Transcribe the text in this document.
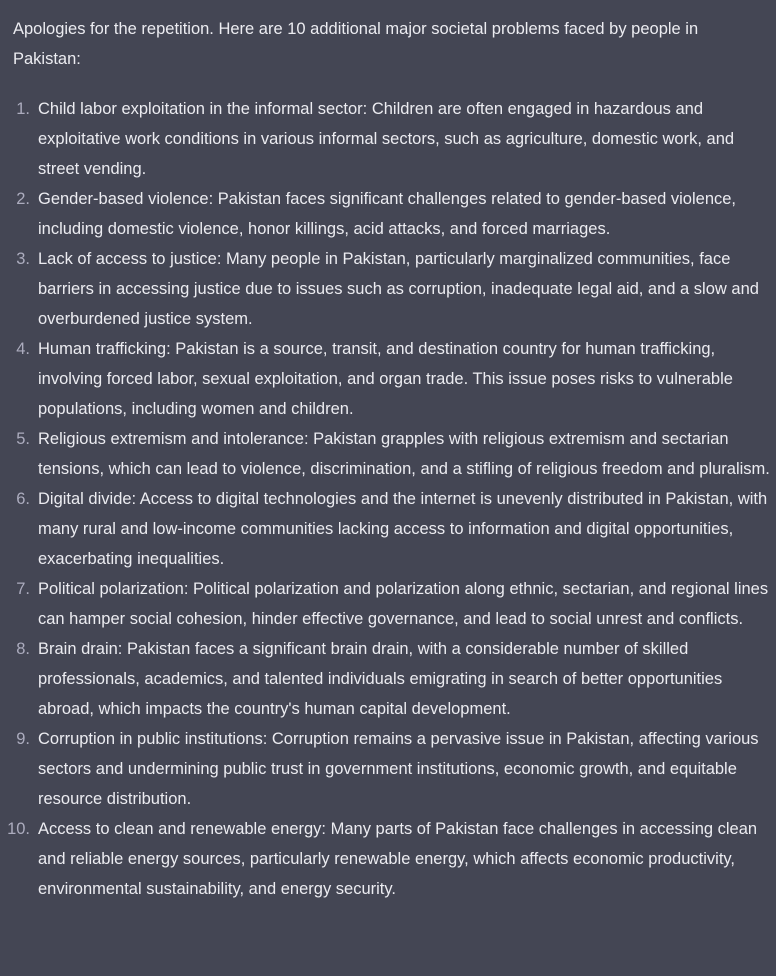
Apologies for the repetition. Here are 10 additional major societal problems faced by people in Pakistan:

1. Child labor exploitation in the informal sector: Children are often engaged in hazardous and exploitative work conditions in various informal sectors, such as agriculture, domestic work, and street vending.
2. Gender-based violence: Pakistan faces significant challenges related to gender-based violence, including domestic violence, honor killings, acid attacks, and forced marriages.
3. Lack of access to justice: Many people in Pakistan, particularly marginalized communities, face barriers in accessing justice due to issues such as corruption, inadequate legal aid, and a slow and overburdened justice system.
4. Human trafficking: Pakistan is a source, transit, and destination country for human trafficking, involving forced labor, sexual exploitation, and organ trade. This issue poses risks to vulnerable populations, including women and children.
5. Religious extremism and intolerance: Pakistan grapples with religious extremism and sectarian tensions, which can lead to violence, discrimination, and a stifling of religious freedom and pluralism.
6. Digital divide: Access to digital technologies and the internet is unevenly distributed in Pakistan, with many rural and low-income communities lacking access to information and digital opportunities, exacerbating inequalities.
7. Political polarization: Political polarization and polarization along ethnic, sectarian, and regional lines can hamper social cohesion, hinder effective governance, and lead to social unrest and conflicts.
8. Brain drain: Pakistan faces a significant brain drain, with a considerable number of skilled professionals, academics, and talented individuals emigrating in search of better opportunities abroad, which impacts the country's human capital development.
9. Corruption in public institutions: Corruption remains a pervasive issue in Pakistan, affecting various sectors and undermining public trust in government institutions, economic growth, and equitable resource distribution.
10. Access to clean and renewable energy: Many parts of Pakistan face challenges in accessing clean and reliable energy sources, particularly renewable energy, which affects economic productivity, environmental sustainability, and energy security.
